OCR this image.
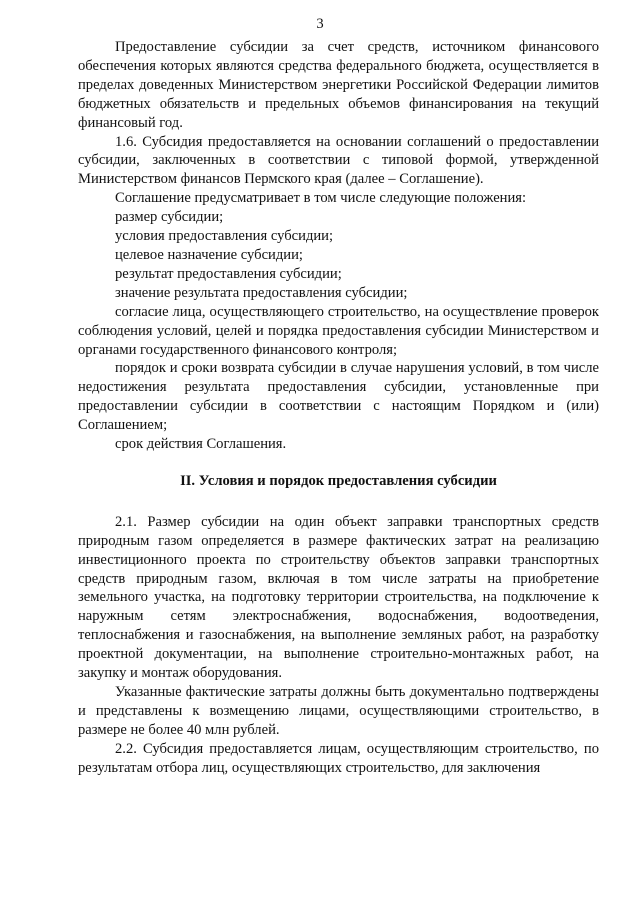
3

Предоставление субсидии за счет средств, источником финансового обеспечения которых являются средства федерального бюджета, осуществляется в пределах доведенных Министерством энергетики Российской Федерации лимитов бюджетных обязательств и предельных объемов финансирования на текущий финансовый год.

1.6. Субсидия предоставляется на основании соглашений о предоставлении субсидии, заключенных в соответствии с типовой формой, утвержденной Министерством финансов Пермского края (далее – Соглашение).

Соглашение предусматривает в том числе следующие положения:

размер субсидии;

условия предоставления субсидии;

целевое назначение субсидии;

результат предоставления субсидии;

значение результата предоставления субсидии;

согласие лица, осуществляющего строительство, на осуществление проверок соблюдения условий, целей и порядка предоставления субсидии Министерством и органами государственного финансового контроля;

порядок и сроки возврата субсидии в случае нарушения условий, в том числе недостижения результата предоставления субсидии, установленные при предоставлении субсидии в соответствии с настоящим Порядком и (или) Соглашением;

срок действия Соглашения.

II. Условия и порядок предоставления субсидии

2.1. Размер субсидии на один объект заправки транспортных средств природным газом определяется в размере фактических затрат на реализацию инвестиционного проекта по строительству объектов заправки транспортных средств природным газом, включая в том числе затраты на приобретение земельного участка, на подготовку территории строительства, на подключение к наружным сетям электроснабжения, водоснабжения, водоотведения, теплоснабжения и газоснабжения, на выполнение земляных работ, на разработку проектной документации, на выполнение строительно-монтажных работ, на закупку и монтаж оборудования.

Указанные фактические затраты должны быть документально подтверждены и представлены к возмещению лицами, осуществляющими строительство, в размере не более 40 млн рублей.

2.2. Субсидия предоставляется лицам, осуществляющим строительство, по результатам отбора лиц, осуществляющих строительство, для заключения
